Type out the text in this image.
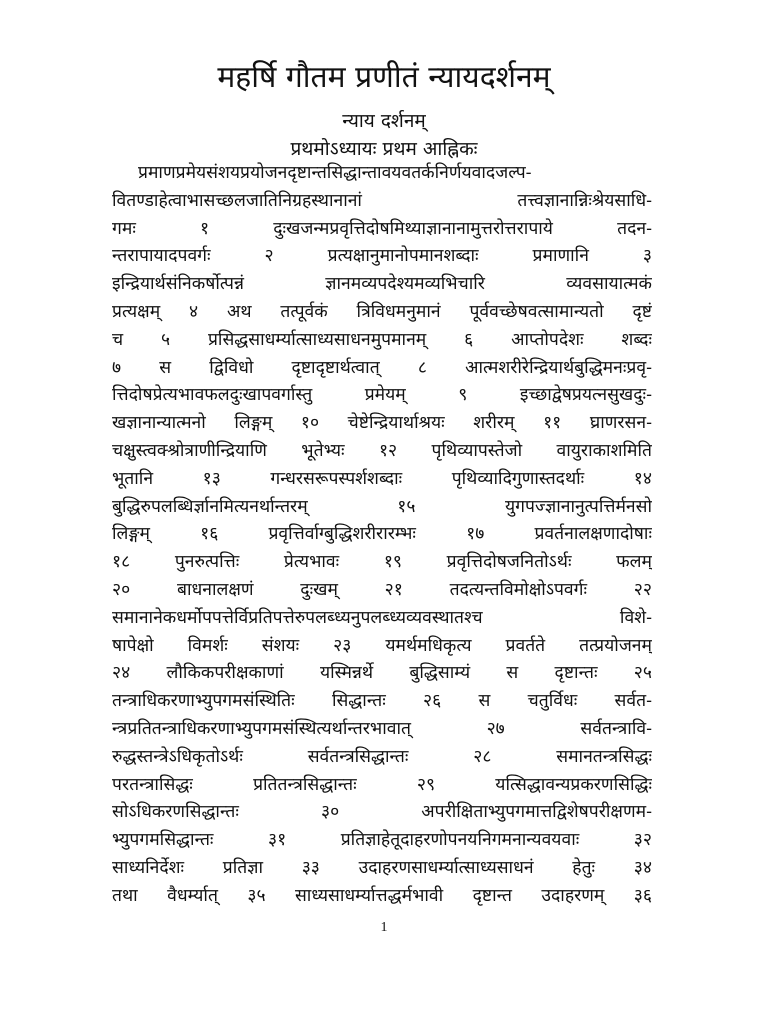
महर्षि गौतम प्रणीतं न्यायदर्शनम्
न्याय दर्शनम्
प्रथमोऽध्यायः प्रथम आह्निकः
प्रमाणप्रमेयसंशयप्रयोजनदृष्टान्तसिद्धान्तावयवतर्कनिर्णयवादजल्प-
वितण्डाहेत्वाभासच्छलजातिनिग्रहस्थानानां तत्त्वज्ञानान्निःश्रेयसाधि-
गमः १ दुःखजन्मप्रवृत्तिदोषमिथ्याज्ञानानामुत्तरोत्तरापाये तदन-
न्तरापायादपवर्गः २ प्रत्यक्षानुमानोपमानशब्दाः प्रमाणानि ३
इन्द्रियार्थसंनिकर्षोत्पन्नं ज्ञानमव्यपदेश्यमव्यभिचारि व्यवसायात्मकं
प्रत्यक्षम् ४ अथ तत्पूर्वकं त्रिविधमनुमानं पूर्ववच्छेषवत्सामान्यतो दृष्टं
च ५ प्रसिद्धसाधर्म्यात्साध्यसाधनमुपमानम् ६ आप्तोपदेशः शब्दः
७ स द्विविधो दृष्टादृष्टार्थत्वात् ८ आत्मशरीरेन्द्रियार्थबुद्धिमनःप्रवृ-
त्तिदोषप्रेत्यभावफलदुःखापवर्गास्तु प्रमेयम् ९ इच्छाद्वेषप्रयत्नसुखदुः-
खज्ञानान्यात्मनो लिङ्गम् १० चेष्टेन्द्रियार्थाश्रयः शरीरम् ११ घ्राणरसन-
चक्षुस्त्वक्श्रोत्राणीन्द्रियाणि भूतेभ्यः १२ पृथिव्यापस्तेजो वायुराकाशमिति
भूतानि १३ गन्धरसरूपस्पर्शशब्दाः पृथिव्यादिगुणास्तदर्थाः १४
बुद्धिरुपलब्धिर्ज्ञानमित्यनर्थान्तरम् १५ युगपज्ज्ञानानुत्पत्तिर्मनसो
लिङ्गम् १६ प्रवृत्तिर्वाग्बुद्धिशरीरारम्भः १७ प्रवर्तनालक्षणादोषाः
१८ पुनरुत्पत्तिः प्रेत्यभावः १९ प्रवृत्तिदोषजनितोऽर्थः फलम्
२० बाधनालक्षणं दुःखम् २१ तदत्यन्तविमोक्षोऽपवर्गः २२
समानानेकधर्मोपपत्तेर्विप्रतिपत्तेरुपलब्ध्यनुपलब्ध्यव्यवस्थातश्च विशे-
षापेक्षो विमर्शः संशयः २३ यमर्थमधिकृत्य प्रवर्तते तत्प्रयोजनम्
२४ लौकिकपरीक्षकाणां यस्मिन्नर्थे बुद्धिसाम्यं स दृष्टान्तः २५
तन्त्राधिकरणाभ्युपगमसंस्थितिः सिद्धान्तः २६ स चतुर्विधः सर्वत-
न्त्रप्रतितन्त्राधिकरणाभ्युपगमसंस्थित्यर्थान्तरभावात् २७ सर्वतन्त्रावि-
रुद्धस्तन्त्रेऽधिकृतोऽर्थः सर्वतन्त्रसिद्धान्तः २८ समानतन्त्रसिद्धः
परतन्त्रासिद्धः प्रतितन्त्रसिद्धान्तः २९ यत्सिद्धावन्यप्रकरणसिद्धिः
सोऽधिकरणसिद्धान्तः ३० अपरीक्षिताभ्युपगमात्तद्विशेषपरीक्षणम-
भ्युपगमसिद्धान्तः ३१ प्रतिज्ञाहेतूदाहरणोपनयनिगमनान्यवयवाः ३२
साध्यनिर्देशः प्रतिज्ञा ३३ उदाहरणसाधर्म्यात्साध्यसाधनं हेतुः ३४
तथा वैधर्म्यात् ३५ साध्यसाधर्म्यात्तद्धर्मभावी दृष्टान्त उदाहरणम् ३६
1
